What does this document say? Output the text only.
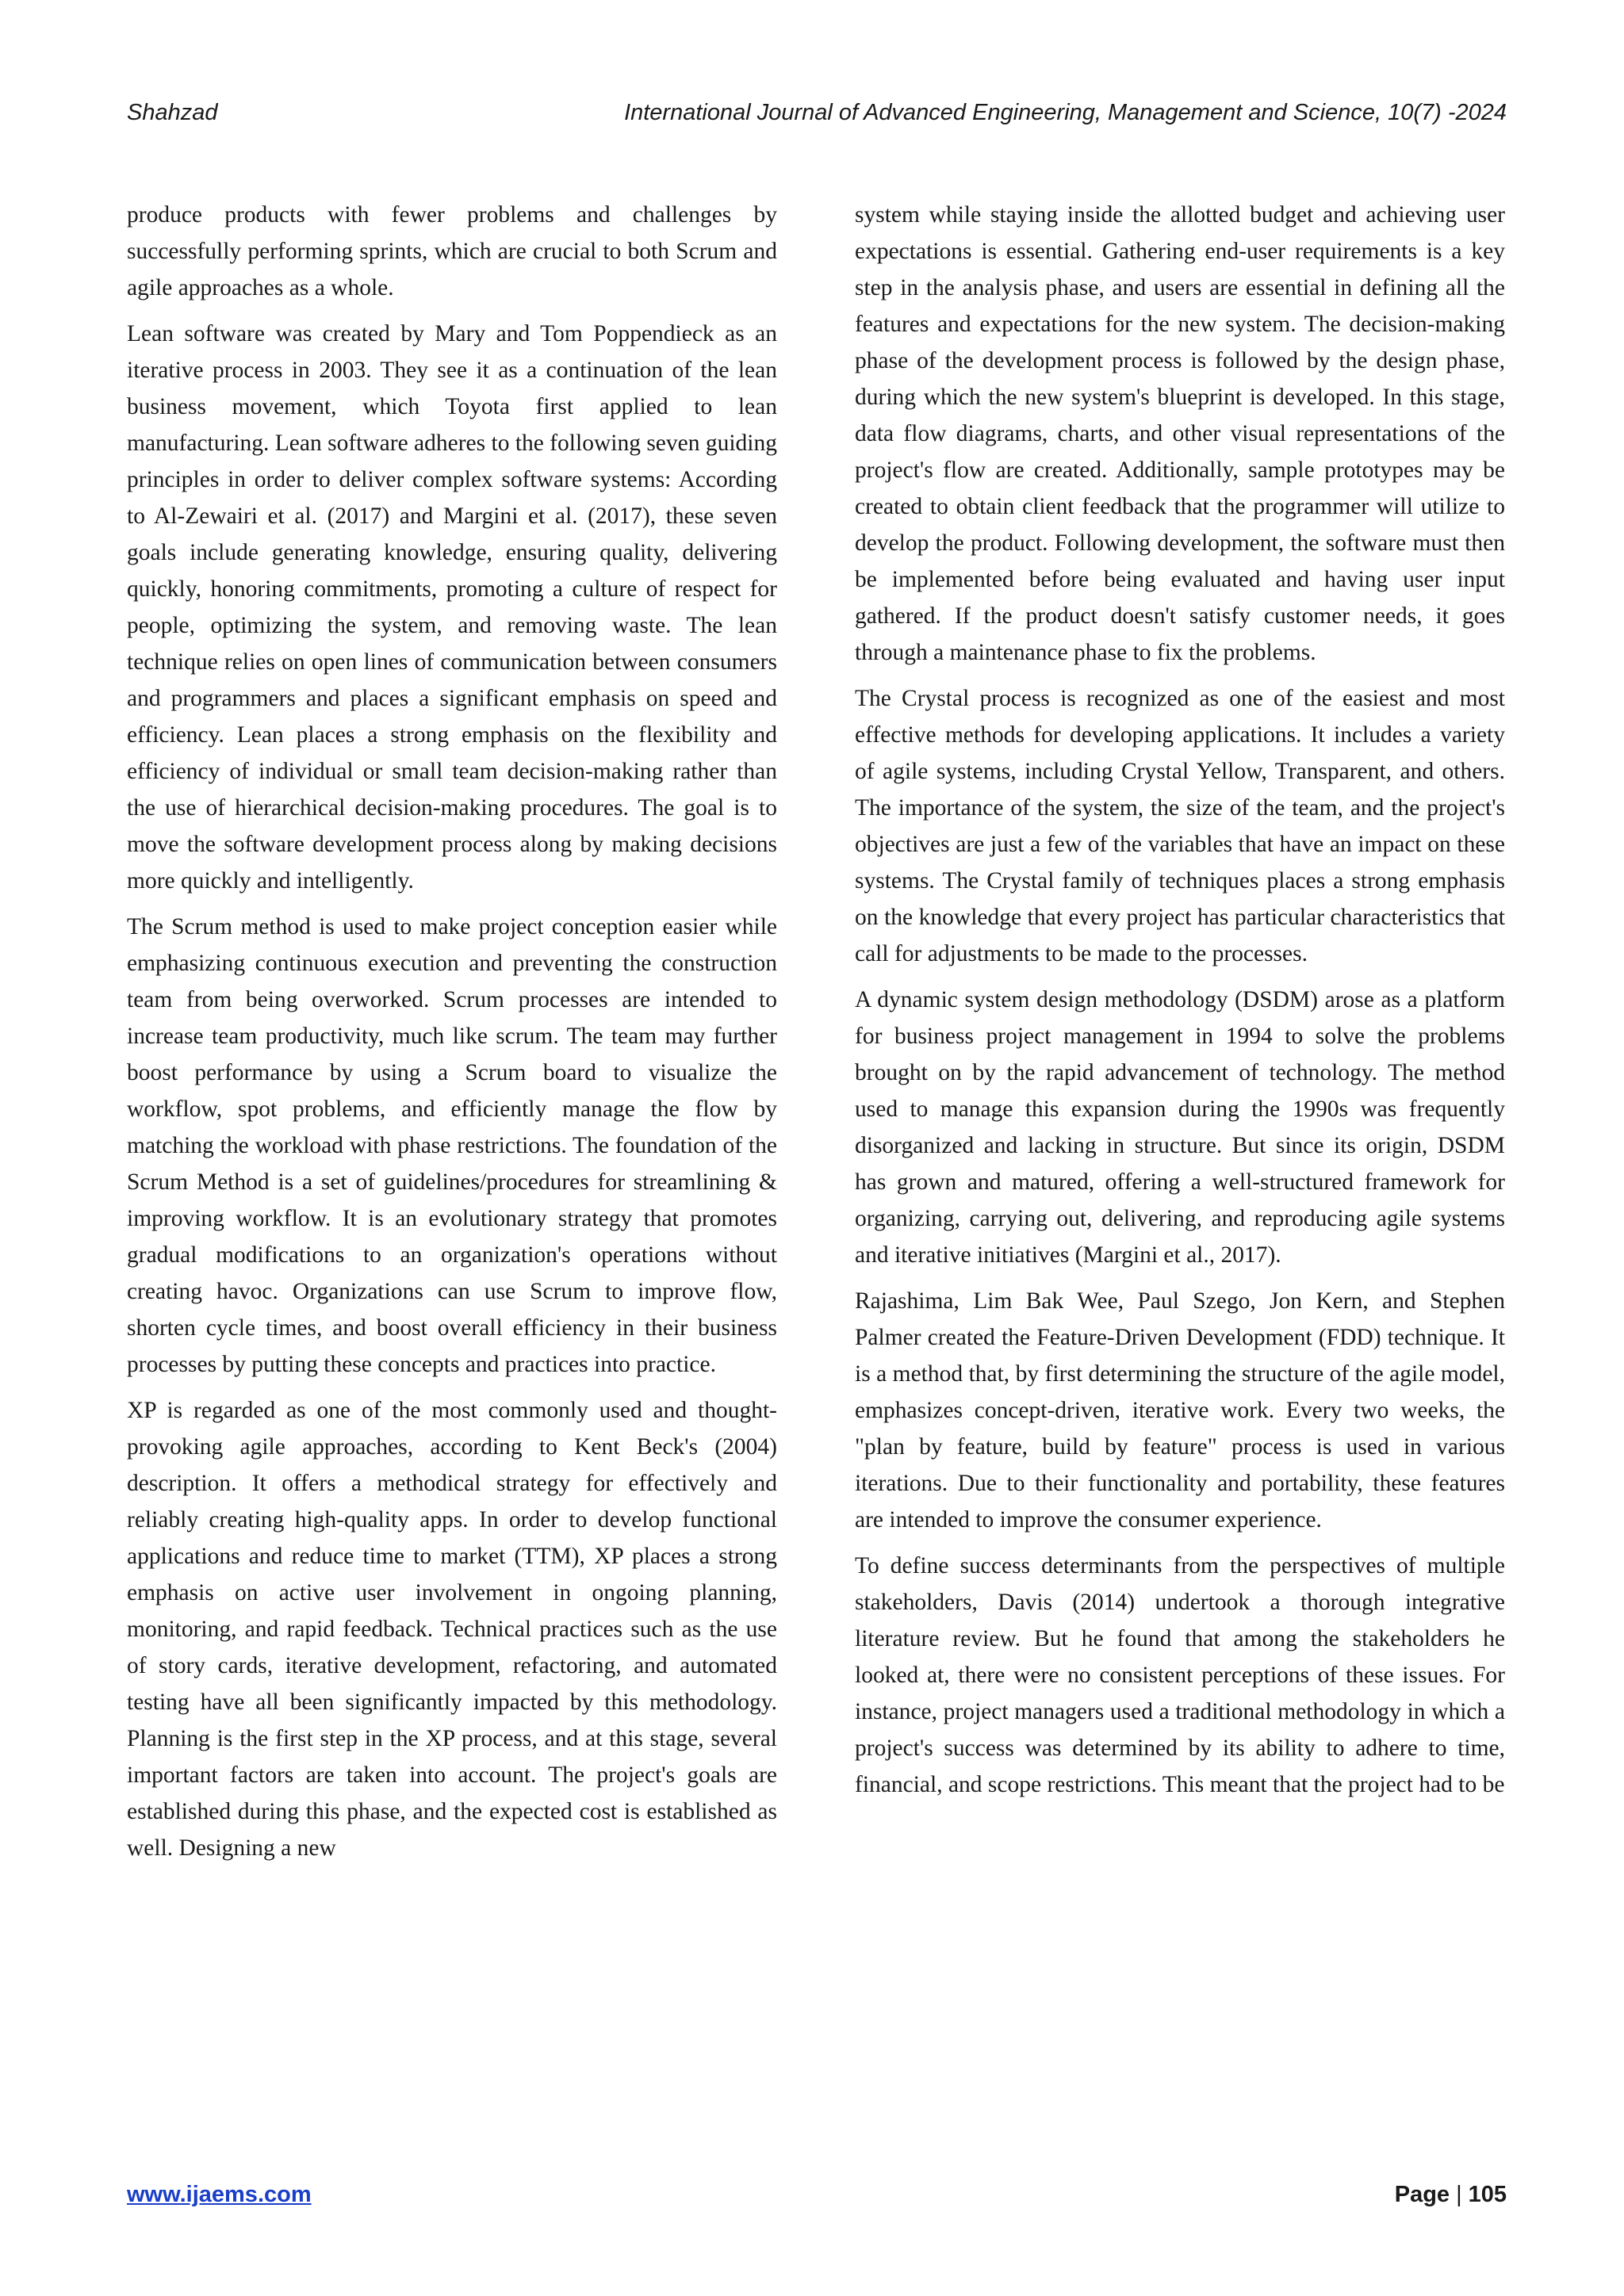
Shahzad	International Journal of Advanced Engineering, Management and Science, 10(7) -2024

produce products with fewer problems and challenges by successfully performing sprints, which are crucial to both Scrum and agile approaches as a whole.

Lean software was created by Mary and Tom Poppendieck as an iterative process in 2003. They see it as a continuation of the lean business movement, which Toyota first applied to lean manufacturing. Lean software adheres to the following seven guiding principles in order to deliver complex software systems: According to Al-Zewairi et al. (2017) and Margini et al. (2017), these seven goals include generating knowledge, ensuring quality, delivering quickly, honoring commitments, promoting a culture of respect for people, optimizing the system, and removing waste. The lean technique relies on open lines of communication between consumers and programmers and places a significant emphasis on speed and efficiency. Lean places a strong emphasis on the flexibility and efficiency of individual or small team decision-making rather than the use of hierarchical decision-making procedures. The goal is to move the software development process along by making decisions more quickly and intelligently.

The Scrum method is used to make project conception easier while emphasizing continuous execution and preventing the construction team from being overworked. Scrum processes are intended to increase team productivity, much like scrum. The team may further boost performance by using a Scrum board to visualize the workflow, spot problems, and efficiently manage the flow by matching the workload with phase restrictions. The foundation of the Scrum Method is a set of guidelines/procedures for streamlining & improving workflow. It is an evolutionary strategy that promotes gradual modifications to an organization's operations without creating havoc. Organizations can use Scrum to improve flow, shorten cycle times, and boost overall efficiency in their business processes by putting these concepts and practices into practice.

XP is regarded as one of the most commonly used and thought-provoking agile approaches, according to Kent Beck's (2004) description. It offers a methodical strategy for effectively and reliably creating high-quality apps. In order to develop functional applications and reduce time to market (TTM), XP places a strong emphasis on active user involvement in ongoing planning, monitoring, and rapid feedback. Technical practices such as the use of story cards, iterative development, refactoring, and automated testing have all been significantly impacted by this methodology. Planning is the first step in the XP process, and at this stage, several important factors are taken into account. The project's goals are established during this phase, and the expected cost is established as well. Designing a new

system while staying inside the allotted budget and achieving user expectations is essential. Gathering end-user requirements is a key step in the analysis phase, and users are essential in defining all the features and expectations for the new system. The decision-making phase of the development process is followed by the design phase, during which the new system's blueprint is developed. In this stage, data flow diagrams, charts, and other visual representations of the project's flow are created. Additionally, sample prototypes may be created to obtain client feedback that the programmer will utilize to develop the product. Following development, the software must then be implemented before being evaluated and having user input gathered. If the product doesn't satisfy customer needs, it goes through a maintenance phase to fix the problems.

The Crystal process is recognized as one of the easiest and most effective methods for developing applications. It includes a variety of agile systems, including Crystal Yellow, Transparent, and others. The importance of the system, the size of the team, and the project's objectives are just a few of the variables that have an impact on these systems. The Crystal family of techniques places a strong emphasis on the knowledge that every project has particular characteristics that call for adjustments to be made to the processes.

A dynamic system design methodology (DSDM) arose as a platform for business project management in 1994 to solve the problems brought on by the rapid advancement of technology. The method used to manage this expansion during the 1990s was frequently disorganized and lacking in structure. But since its origin, DSDM has grown and matured, offering a well-structured framework for organizing, carrying out, delivering, and reproducing agile systems and iterative initiatives (Margini et al., 2017).

Rajashima, Lim Bak Wee, Paul Szego, Jon Kern, and Stephen Palmer created the Feature-Driven Development (FDD) technique. It is a method that, by first determining the structure of the agile model, emphasizes concept-driven, iterative work. Every two weeks, the "plan by feature, build by feature" process is used in various iterations. Due to their functionality and portability, these features are intended to improve the consumer experience.

To define success determinants from the perspectives of multiple stakeholders, Davis (2014) undertook a thorough integrative literature review. But he found that among the stakeholders he looked at, there were no consistent perceptions of these issues. For instance, project managers used a traditional methodology in which a project's success was determined by its ability to adhere to time, financial, and scope restrictions. This meant that the project had to be

www.ijaems.com	Page | 105
